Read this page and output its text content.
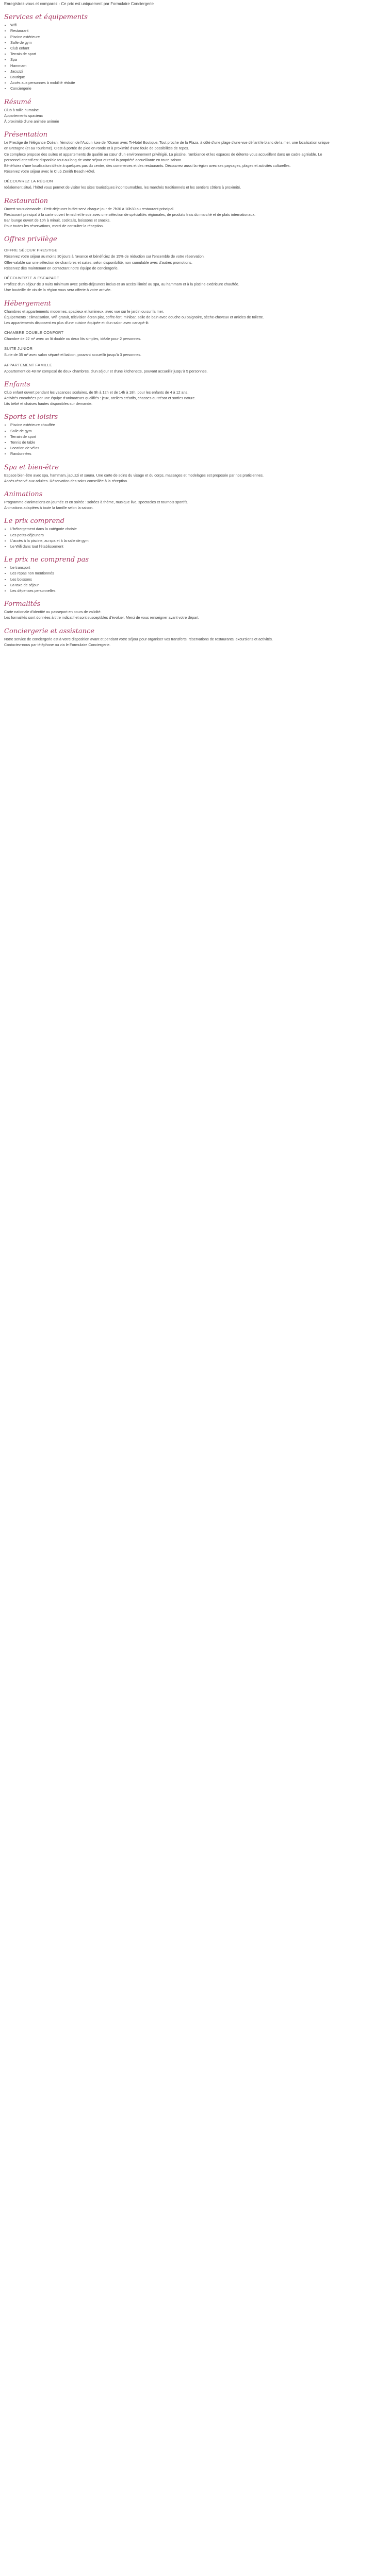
Enregistrez-vous et comparez - Ce prix est uniquement par Formulaire Conciergerie

Services et équipements
• Wifi
• Restaurant
• Piscine extérieure
• Salle de gym
• Club enfant
• Terrain de sport
• Spa
• Hammam
• Jacuzzi
• Boutique
• Accès aux personnes à mobilité réduite
• Conciergerie
Résumé

Club à taille humaine

Appartements spacieux

À proximité d'une animée animée

Présentation

Le Prestige de l'élégance Océan, l'émotion de l'Aucun luxe de l'Ocean avec Ti-Hotel Boutique. Tout proche de la Plaza, à côté d'une plage d'une vue défiant le blanc de la mer, une localisation unique en Bretagne (et au Tourisme). C'est à portée de pied en ronde et à proximité d'une foule de possibilités de repos.

Ce complexe propose des suites et appartements de qualité au cœur d'un environnement privilégié. La piscine, l'ambiance et les espaces de détente vous accueillent dans un cadre agréable. Le personnel attentif est disponible tout au long de votre séjour et rend la propriété accueillante en toute saison.

Bénéficiez d'une localisation idéale à quelques pas du centre, des commerces et des restaurants. Découvrez aussi la région avec ses paysages, plages et activités culturelles.

Réservez votre séjour avec le Club Zenith Beach Hôtel.

DÉCOUVREZ LA RÉGION

Idéalement situé, l'hôtel vous permet de visiter les sites touristiques incontournables, les marchés traditionnels et les sentiers côtiers à proximité.

Restauration

Ouvert sous-demande - Petit-déjeuner buffet servi chaque jour de 7h30 à 10h30 au restaurant principal.

Restaurant principal à la carte ouvert le midi et le soir avec une sélection de spécialités régionales, de produits frais du marché et de plats internationaux.

Bar lounge ouvert de 10h à minuit, cocktails, boissons et snacks.

Pour toutes les réservations, merci de consulter la réception.

Offres privilège
OFFRE SÉJOUR PRESTIGE

Réservez votre séjour au moins 30 jours à l'avance et bénéficiez de 15% de réduction sur l'ensemble de votre réservation.

Offre valable sur une sélection de chambres et suites, selon disponibilité, non cumulable avec d'autres promotions.

Réservez dès maintenant en contactant notre équipe de conciergerie.

DÉCOUVERTE & ESCAPADE

Profitez d'un séjour de 3 nuits minimum avec petits-déjeuners inclus et un accès illimité au spa, au hammam et à la piscine extérieure chauffée.

Une bouteille de vin de la région vous sera offerte à votre arrivée.

Hébergement

Chambres et appartements modernes, spacieux et lumineux, avec vue sur le jardin ou sur la mer.

Équipements : climatisation, Wifi gratuit, télévision écran plat, coffre-fort, minibar, salle de bain avec douche ou baignoire, sèche-cheveux et articles de toilette.

Les appartements disposent en plus d'une cuisine équipée et d'un salon avec canapé-lit.

CHAMBRE DOUBLE CONFORT

Chambre de 22 m² avec un lit double ou deux lits simples, idéale pour 2 personnes.

SUITE JUNIOR

Suite de 35 m² avec salon séparé et balcon, pouvant accueillir jusqu'à 3 personnes.

APPARTEMENT FAMILLE

Appartement de 48 m² composé de deux chambres, d'un séjour et d'une kitchenette, pouvant accueillir jusqu'à 5 personnes.

Enfants

Club enfant ouvert pendant les vacances scolaires, de 9h à 12h et de 14h à 18h, pour les enfants de 4 à 12 ans.

Activités encadrées par une équipe d'animateurs qualifiés : jeux, ateliers créatifs, chasses au trésor et sorties nature.

Lits bébé et chaises hautes disponibles sur demande.

Sports et loisirs
• Piscine extérieure chauffée
• Salle de gym
• Terrain de sport
• Tennis de table
• Location de vélos
• Randonnées
Spa et bien-être

Espace bien-être avec spa, hammam, jacuzzi et sauna. Une carte de soins du visage et du corps, massages et modelages est proposée par nos praticiennes.

Accès réservé aux adultes. Réservation des soins conseillée à la réception.

Animations

Programme d'animations en journée et en soirée : soirées à thème, musique live, spectacles et tournois sportifs.

Animations adaptées à toute la famille selon la saison.

Le prix comprend
• L'hébergement dans la catégorie choisie
• Les petits-déjeuners
• L'accès à la piscine, au spa et à la salle de gym
• Le Wifi dans tout l'établissement
Le prix ne comprend pas
• Le transport
• Les repas non mentionnés
• Les boissons
• La taxe de séjour
• Les dépenses personnelles
Formalités

Carte nationale d'identité ou passeport en cours de validité.

Les formalités sont données à titre indicatif et sont susceptibles d'évoluer. Merci de vous renseigner avant votre départ.

Conciergerie et assistance

Notre service de conciergerie est à votre disposition avant et pendant votre séjour pour organiser vos transferts, réservations de restaurants, excursions et activités.

Contactez-nous par téléphone ou via le Formulaire Conciergerie.
